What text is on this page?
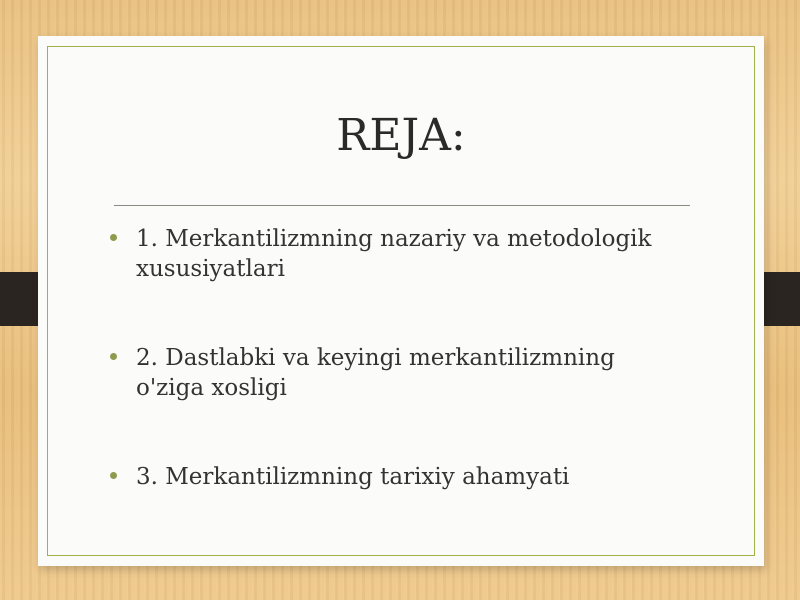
REJA:
1. Merkantilizmning nazariy va metodologik xususiyatlari
2. Dastlabki va keyingi merkantilizmning o'ziga xosligi
3. Merkantilizmning tarixiy ahamyati
